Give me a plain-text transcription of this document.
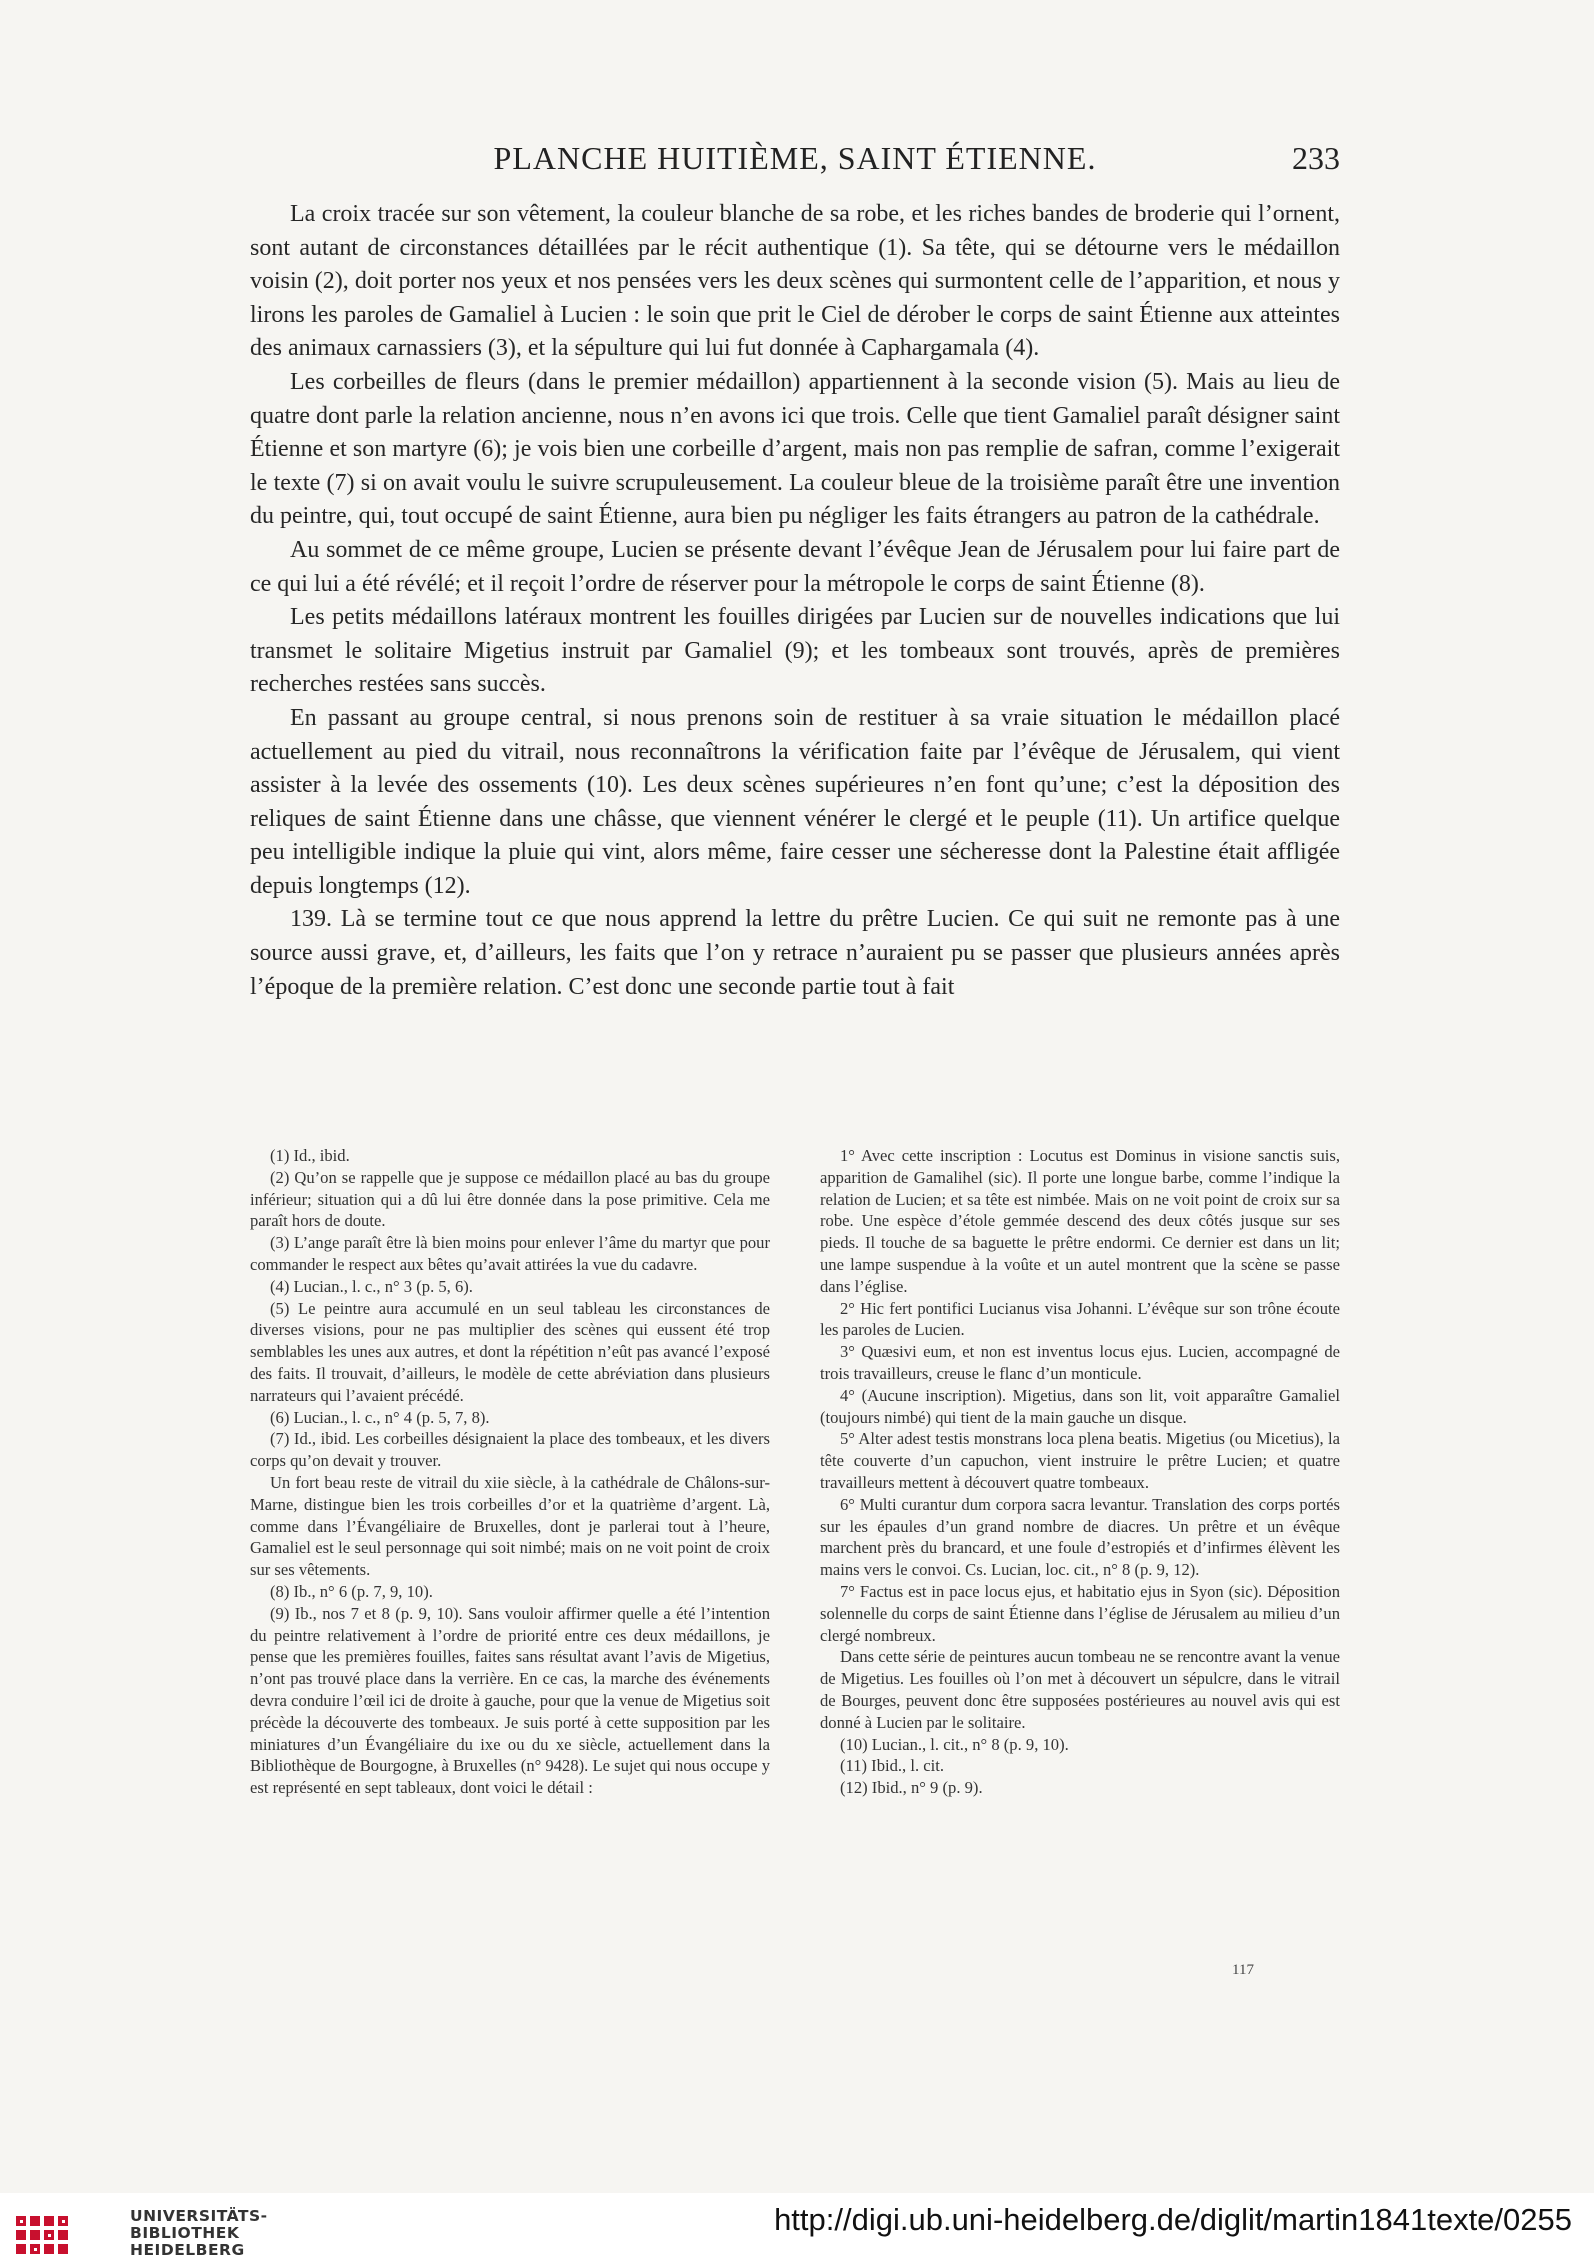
PLANCHE HUITIÈME, SAINT ÉTIENNE.	233

La croix tracée sur son vêtement, la couleur blanche de sa robe, et les riches bandes de broderie qui l’ornent, sont autant de circonstances détaillées par le récit authentique (1). Sa tête, qui se détourne vers le médaillon voisin (2), doit porter nos yeux et nos pensées vers les deux scènes qui surmontent celle de l’apparition, et nous y lirons les paroles de Gamaliel à Lucien : le soin que prit le Ciel de dérober le corps de saint Étienne aux atteintes des animaux carnassiers (3), et la sépulture qui lui fut donnée à Caphargamala (4).

Les corbeilles de fleurs (dans le premier médaillon) appartiennent à la seconde vision (5). Mais au lieu de quatre dont parle la relation ancienne, nous n’en avons ici que trois. Celle que tient Gamaliel paraît désigner saint Étienne et son martyre (6); je vois bien une corbeille d’argent, mais non pas remplie de safran, comme l’exigerait le texte (7) si on avait voulu le suivre scrupuleusement. La couleur bleue de la troisième paraît être une invention du peintre, qui, tout occupé de saint Étienne, aura bien pu négliger les faits étrangers au patron de la cathédrale.

Au sommet de ce même groupe, Lucien se présente devant l’évêque Jean de Jérusalem pour lui faire part de ce qui lui a été révélé; et il reçoit l’ordre de réserver pour la métropole le corps de saint Étienne (8).

Les petits médaillons latéraux montrent les fouilles dirigées par Lucien sur de nouvelles indications que lui transmet le solitaire Migetius instruit par Gamaliel (9); et les tombeaux sont trouvés, après de premières recherches restées sans succès.

En passant au groupe central, si nous prenons soin de restituer à sa vraie situation le médaillon placé actuellement au pied du vitrail, nous reconnaîtrons la vérification faite par l’évêque de Jérusalem, qui vient assister à la levée des ossements (10). Les deux scènes supérieures n’en font qu’une; c’est la déposition des reliques de saint Étienne dans une châsse, que viennent vénérer le clergé et le peuple (11). Un artifice quelque peu intelligible indique la pluie qui vint, alors même, faire cesser une sécheresse dont la Palestine était affligée depuis longtemps (12).

139. Là se termine tout ce que nous apprend la lettre du prêtre Lucien. Ce qui suit ne remonte pas à une source aussi grave, et, d’ailleurs, les faits que l’on y retrace n’auraient pu se passer que plusieurs années après l’époque de la première relation. C’est donc une seconde partie tout à fait

(1) Id., ibid.

(2) Qu’on se rappelle que je suppose ce médaillon placé au bas du groupe inférieur; situation qui a dû lui être donnée dans la pose primitive. Cela me paraît hors de doute.

(3) L’ange paraît être là bien moins pour enlever l’âme du martyr que pour commander le respect aux bêtes qu’avait attirées la vue du cadavre.

(4) Lucian., l. c., n° 3 (p. 5, 6).

(5) Le peintre aura accumulé en un seul tableau les circonstances de diverses visions, pour ne pas multiplier des scènes qui eussent été trop semblables les unes aux autres, et dont la répétition n’eût pas avancé l’exposé des faits. Il trouvait, d’ailleurs, le modèle de cette abréviation dans plusieurs narrateurs qui l’avaient précédé.

(6) Lucian., l. c., n° 4 (p. 5, 7, 8).

(7) Id., ibid. Les corbeilles désignaient la place des tombeaux, et les divers corps qu’on devait y trouver.

Un fort beau reste de vitrail du xiie siècle, à la cathédrale de Châlons-sur-Marne, distingue bien les trois corbeilles d’or et la quatrième d’argent. Là, comme dans l’Évangéliaire de Bruxelles, dont je parlerai tout à l’heure, Gamaliel est le seul personnage qui soit nimbé; mais on ne voit point de croix sur ses vêtements.

(8) Ib., n° 6 (p. 7, 9, 10).

(9) Ib., nos 7 et 8 (p. 9, 10). Sans vouloir affirmer quelle a été l’intention du peintre relativement à l’ordre de priorité entre ces deux médaillons, je pense que les premières fouilles, faites sans résultat avant l’avis de Migetius, n’ont pas trouvé place dans la verrière. En ce cas, la marche des événements devra conduire l’œil ici de droite à gauche, pour que la venue de Migetius soit précède la découverte des tombeaux. Je suis porté à cette supposition par les miniatures d’un Évangéliaire du ixe ou du xe siècle, actuellement dans la Bibliothèque de Bourgogne, à Bruxelles (n° 9428). Le sujet qui nous occupe y est représenté en sept tableaux, dont voici le détail :

1° Avec cette inscription : Locutus est Dominus in visione sanctis suis, apparition de Gamalihel (sic). Il porte une longue barbe, comme l’indique la relation de Lucien; et sa tête est nimbée. Mais on ne voit point de croix sur sa robe. Une espèce d’étole gemmée descend des deux côtés jusque sur ses pieds. Il touche de sa baguette le prêtre endormi. Ce dernier est dans un lit; une lampe suspendue à la voûte et un autel montrent que la scène se passe dans l’église.

2° Hic fert pontifici Lucianus visa Johanni. L’évêque sur son trône écoute les paroles de Lucien.

3° Quæsivi eum, et non est inventus locus ejus. Lucien, accompagné de trois travailleurs, creuse le flanc d’un monticule.

4° (Aucune inscription). Migetius, dans son lit, voit apparaître Gamaliel (toujours nimbé) qui tient de la main gauche un disque.

5° Alter adest testis monstrans loca plena beatis. Migetius (ou Micetius), la tête couverte d’un capuchon, vient instruire le prêtre Lucien; et quatre travailleurs mettent à découvert quatre tombeaux.

6° Multi curantur dum corpora sacra levantur. Translation des corps portés sur les épaules d’un grand nombre de diacres. Un prêtre et un évêque marchent près du brancard, et une foule d’estropiés et d’infirmes élèvent les mains vers le convoi. Cs. Lucian, loc. cit., n° 8 (p. 9, 12).

7° Factus est in pace locus ejus, et habitatio ejus in Syon (sic). Déposition solennelle du corps de saint Étienne dans l’église de Jérusalem au milieu d’un clergé nombreux.

Dans cette série de peintures aucun tombeau ne se rencontre avant la venue de Migetius. Les fouilles où l’on met à découvert un sépulcre, dans le vitrail de Bourges, peuvent donc être supposées postérieures au nouvel avis qui est donné à Lucien par le solitaire.

(10) Lucian., l. cit., n° 8 (p. 9, 10).

(11) Ibid., l. cit.

(12) Ibid., n° 9 (p. 9).

117
UNIVERSITÄTS-
BIBLIOTHEK
HEIDELBERG
http://digi.ub.uni-heidelberg.de/diglit/martin1841texte/0255
